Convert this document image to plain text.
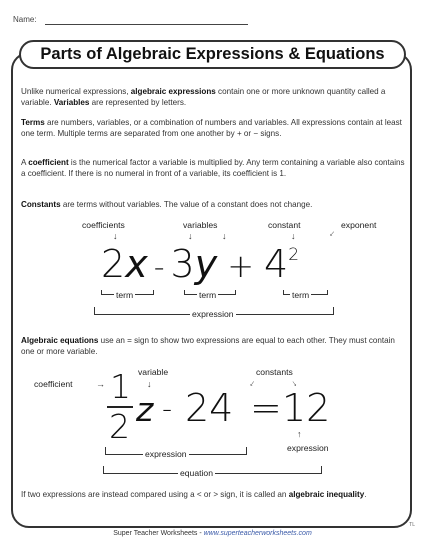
Name:
Parts of Algebraic Expressions & Equations
Unlike numerical expressions, algebraic expressions contain one or more unknown quantity called a variable. Variables are represented by letters.
Terms are numbers, variables, or a combination of numbers and variables. All expressions contain at least one term. Multiple terms are separated from one another by + or − signs.
A coefficient is the numerical factor a variable is multiplied by. Any term containing a variable also contains a coefficient. If there is no numeral in front of a variable, its coefficient is 1.
Constants are terms without variables. The value of a constant does not change.
coefficients
↓
variables
↓	↓
constant
↓
exponent
↓
$2x - 3y + 4^2$
term	term	term
expression
Algebraic equations use an = sign to show two expressions are equal to each other. They must contain one or more variable.
coefficient	→
variable
↓
constants
↓	↓
1
2 z - 24 = 12
expression
↑
expression
equation
If two expressions are instead compared using a < or > sign, it is called an algebraic inequality.
Super Teacher Worksheets - www.superteacherworksheets.com
TL
